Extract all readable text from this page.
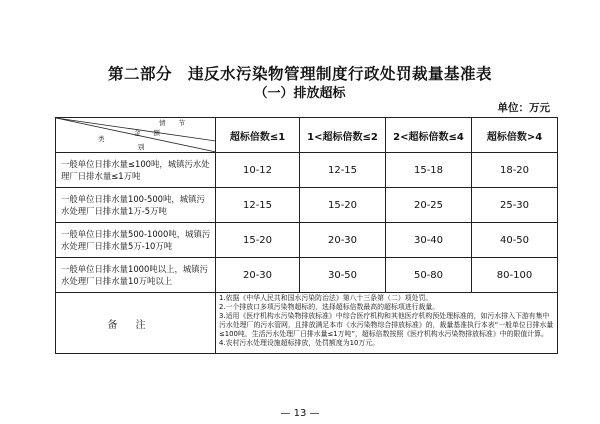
第二部分　违反水污染物管理制度行政处罚裁量基准表
（一）排放超标
单位：万元
情　　节
金　　额
类
别	超标倍数≤1	1<超标倍数≤2	2<超标倍数≤4	超标倍数>4
一般单位日排水量≤100吨，城镇污水处理厂日排水量≤1万吨	10-12	12-15	15-18	18-20
一般单位日排水量100-500吨，城镇污水处理厂日排水量1万-5万吨	12-15	15-20	20-25	25-30
一般单位日排水量500-1000吨，城镇污水处理厂日排水量5万-10万吨	15-20	20-30	30-40	40-50
一般单位日排水量1000吨以上，城镇污水处理厂日排水量10万吨以上	20-30	30-50	50-80	80-100
备注	1.依据《中华人民共和国水污染防治法》第八十三条第（二）项处罚。
2.一个排放口多项污染物超标的，选择超标倍数最高的超标项进行裁量。
3.适用《医疗机构水污染物排放标准》中综合医疗机构和其他医疗机构预处理标准的，如污水排入下游有集中污水处理厂的污水管网，且排放满足本市《水污染物综合排放标准》的，裁量基准执行本表“一般单位日排水量≤100吨，生活污水处理厂日排水量≤1万吨”，超标倍数按照《医疗机构水污染物排放标准》中的限值计算。
4.农村污水处理设施超标排放，处罚额度为10万元。			
— 13 —
